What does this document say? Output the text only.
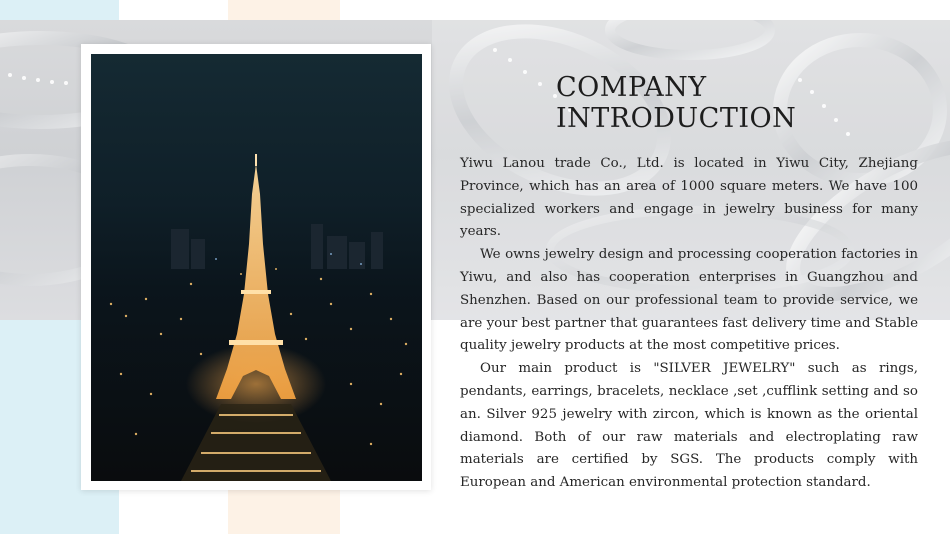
COMPANY
INTRODUCTION

Yiwu Lanou trade Co., Ltd. is located in Yiwu City, Zhejiang Province, which has an area of 1000 square meters. We have 100 specialized workers and engage in jewelry business for many years.

We owns jewelry design and processing cooperation factories in Yiwu, and also has cooperation enterprises in Guangzhou and Shenzhen. Based on our professional team to provide service, we are your best partner that guarantees fast delivery time and Stable quality jewelry products at the most competitive prices.

Our main product is "SILVER JEWELRY" such as rings, pendants, earrings, bracelets, necklace ,set ,cufflink setting and so an. Silver 925 jewelry with zircon, which is known as the oriental diamond. Both of our raw materials and electroplating raw materials are certified by SGS. The products comply with European and American environmental protection standard.
